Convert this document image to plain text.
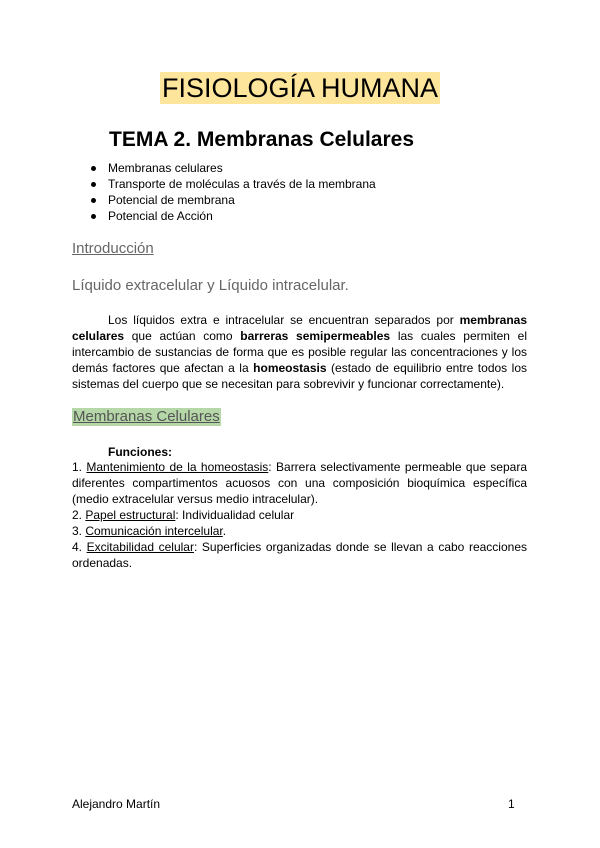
FISIOLOGÍA HUMANA
TEMA 2. Membranas Celulares
Membranas celulares
Transporte de moléculas a través de la membrana
Potencial de membrana
Potencial de Acción
Introducción
Líquido extracelular y Líquido intracelular.
Los líquidos extra e intracelular se encuentran separados por membranas celulares que actúan como barreras semipermeables las cuales permiten el intercambio de sustancias de forma que es posible regular las concentraciones y los demás factores que afectan a la homeostasis (estado de equilibrio entre todos los sistemas del cuerpo que se necesitan para sobrevivir y funcionar correctamente).
Membranas Celulares
Funciones:
1. Mantenimiento de la homeostasis: Barrera selectivamente permeable que separa diferentes compartimentos acuosos con una composición bioquímica específica (medio extracelular versus medio intracelular).
2. Papel estructural: Individualidad celular
3. Comunicación intercelular.
4. Excitabilidad celular: Superficies organizadas donde se llevan a cabo reacciones ordenadas.
Alejandro Martín	1
